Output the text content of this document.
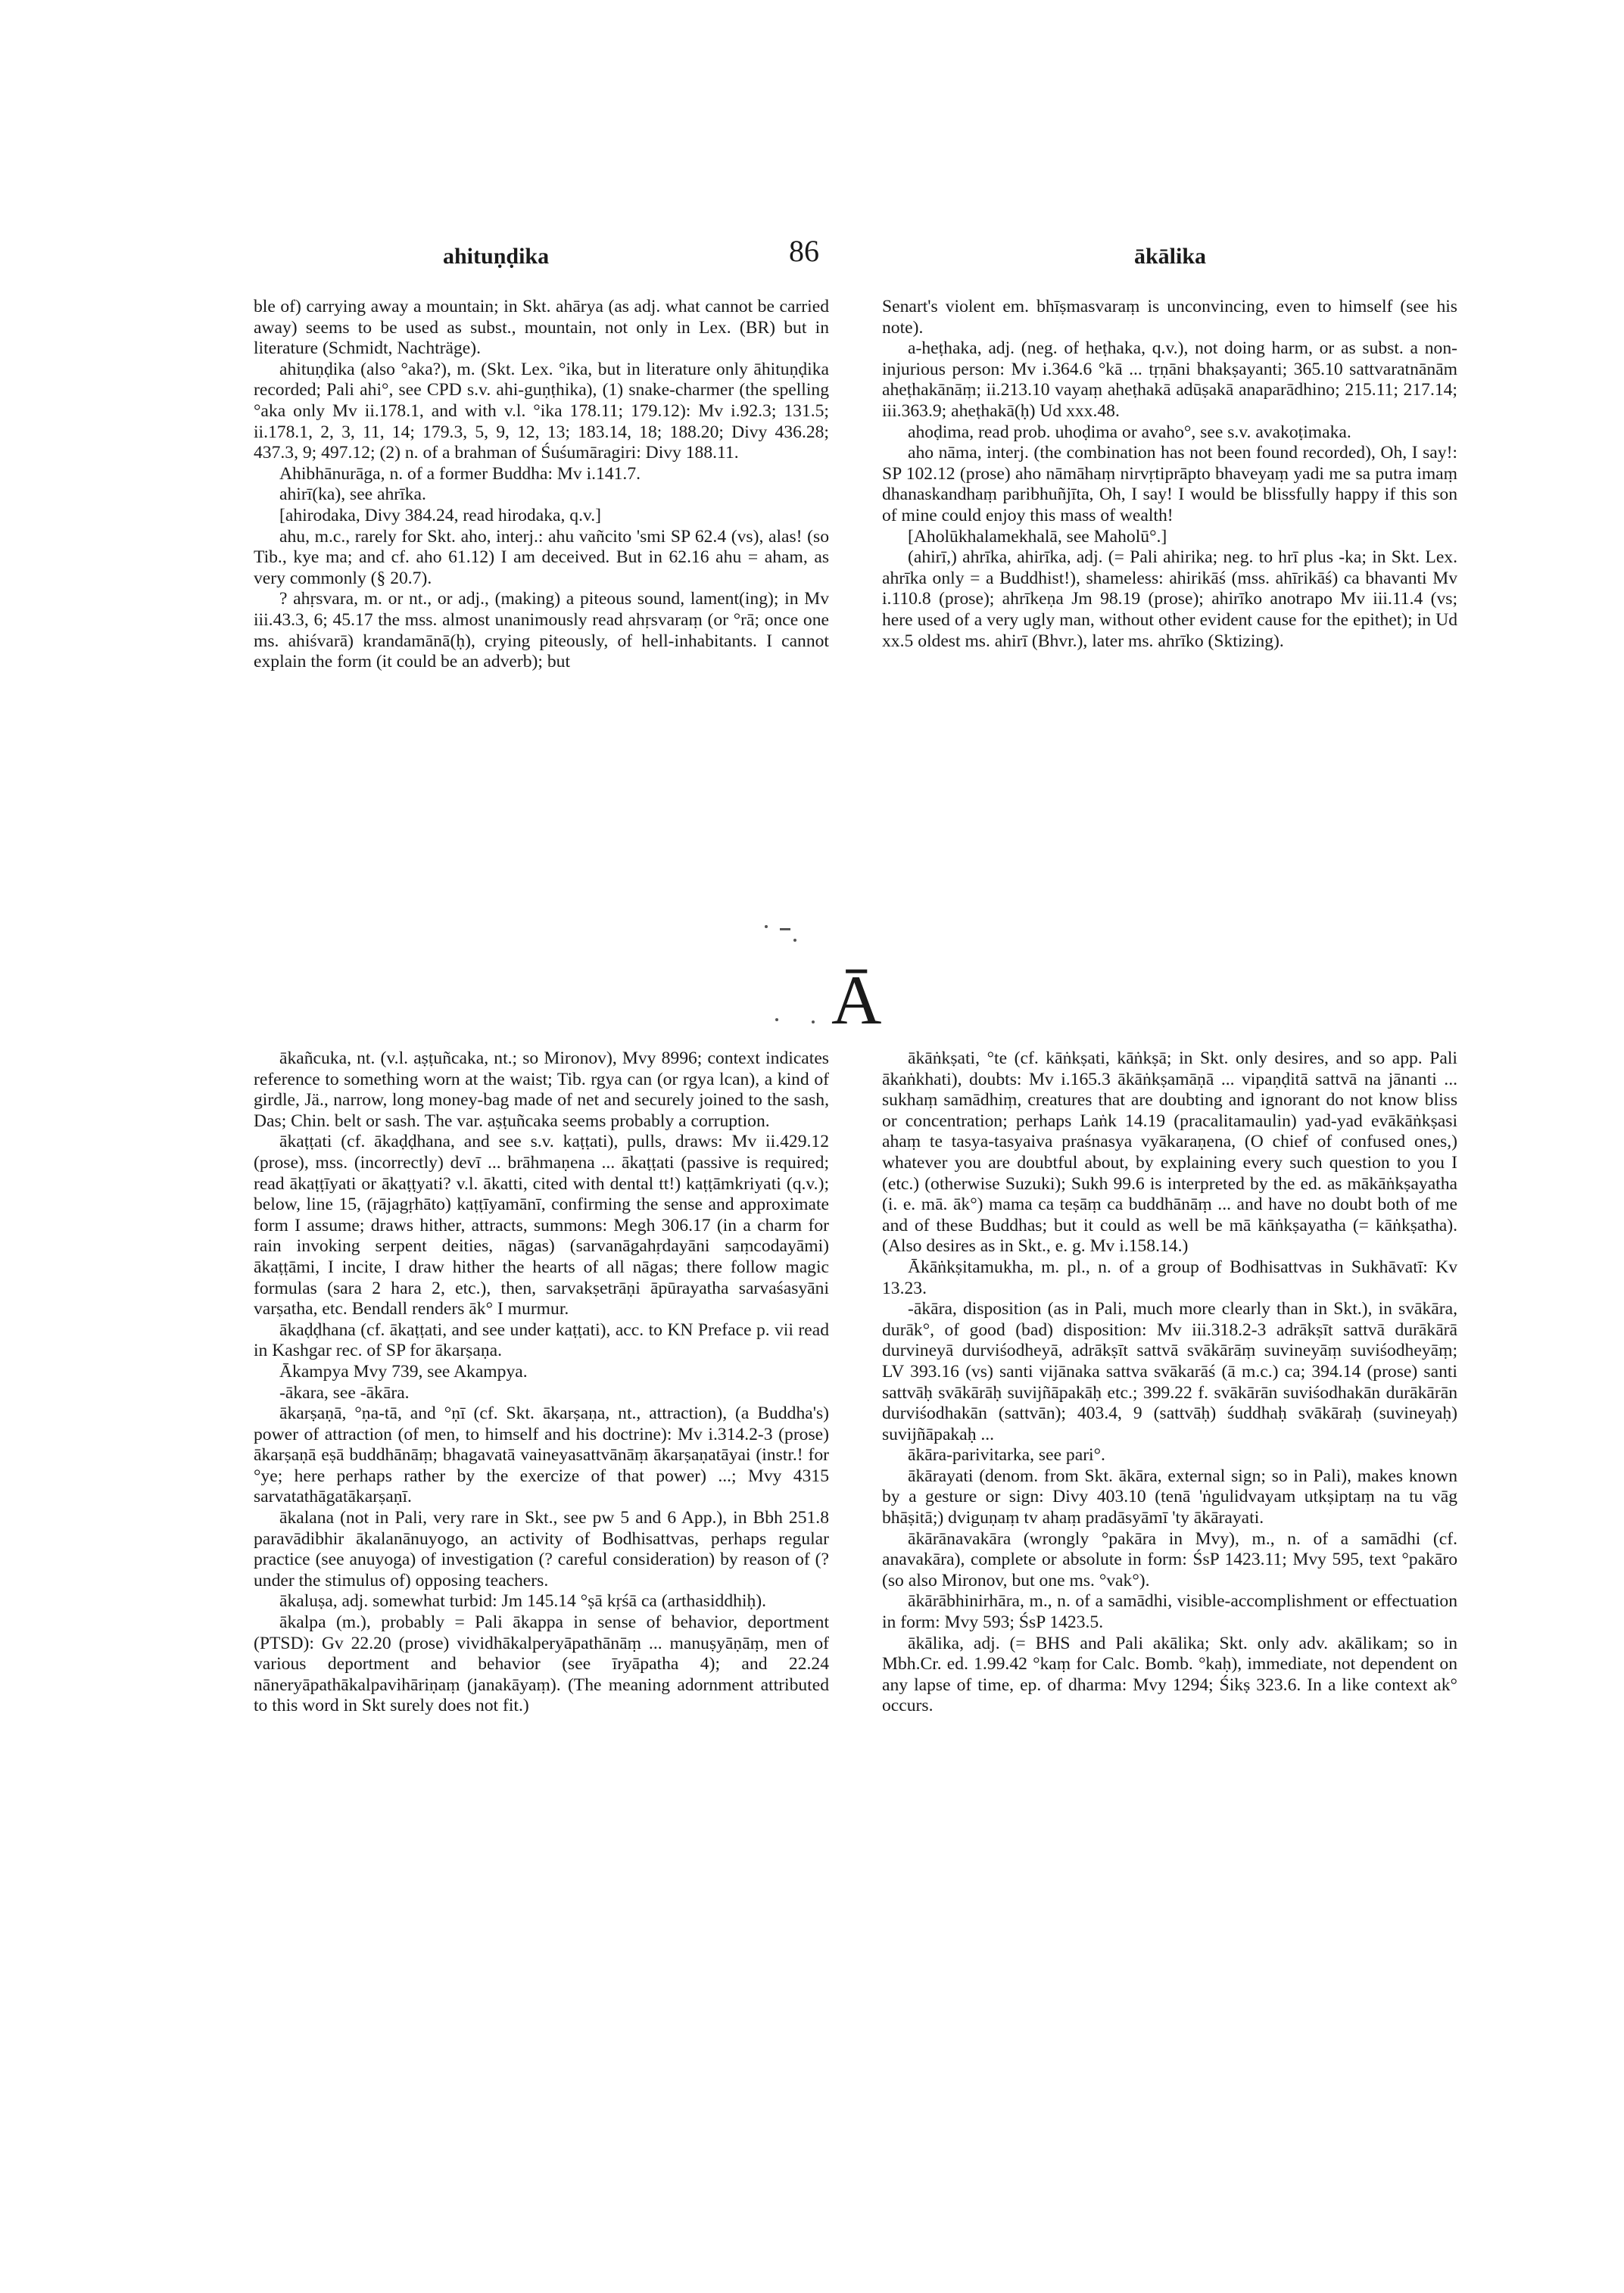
ahituṇḍika	86	ākālika

ble of) carrying away a mountain; in Skt. ahārya (as adj. what cannot be carried away) seems to be used as subst., mountain, not only in Lex. (BR) but in literature (Schmidt, Nachträge).

ahituṇḍika (also °aka?), m. (Skt. Lex. °ika, but in literature only āhituṇḍika recorded; Pali ahi°, see CPD s.v. ahi-guṇṭhika), (1) snake-charmer (the spelling °aka only Mv ii.178.1, and with v.l. °ika 178.11; 179.12): Mv i.92.3; 131.5; ii.178.1, 2, 3, 11, 14; 179.3, 5, 9, 12, 13; 183.14, 18; 188.20; Divy 436.28; 437.3, 9; 497.12; (2) n. of a brahman of Śuśumāragiri: Divy 188.11.

Ahibhānurāga, n. of a former Buddha: Mv i.141.7.

ahirī(ka), see ahrīka.

[ahirodaka, Divy 384.24, read hirodaka, q.v.]

ahu, m.c., rarely for Skt. aho, interj.: ahu vañcito 'smi SP 62.4 (vs), alas! (so Tib., kye ma; and cf. aho 61.12) I am deceived. But in 62.16 ahu = aham, as very commonly (§ 20.7).

? ahṛsvara, m. or nt., or adj., (making) a piteous sound, lament(ing); in Mv iii.43.3, 6; 45.17 the mss. almost unanimously read ahṛsvaraṃ (or °rā; once one ms. ahiśvarā) krandamānā(ḥ), crying piteously, of hell-inhabitants. I cannot explain the form (it could be an adverb); but

Senart's violent em. bhīṣmasvaraṃ is unconvincing, even to himself (see his note).

a-heṭhaka, adj. (neg. of heṭhaka, q.v.), not doing harm, or as subst. a non-injurious person: Mv i.364.6 °kā ... tṛṇāni bhakṣayanti; 365.10 sattvaratnānām aheṭhakānāṃ; ii.213.10 vayaṃ aheṭhakā adūṣakā anaparādhino; 215.11; 217.14; iii.363.9; aheṭhakā(ḥ) Ud xxx.48.

ahoḍima, read prob. uhoḍima or avaho°, see s.v. avakoṭimaka.

aho nāma, interj. (the combination has not been found recorded), Oh, I say!: SP 102.12 (prose) aho nāmāhaṃ nirvṛtiprāpto bhaveyaṃ yadi me sa putra imaṃ dhanaskandhaṃ paribhuñjīta, Oh, I say! I would be blissfully happy if this son of mine could enjoy this mass of wealth!

[Aholūkhalamekhalā, see Maholū°.]

(ahirī,) ahrīka, ahirīka, adj. (= Pali ahirika; neg. to hrī plus -ka; in Skt. Lex. ahrīka only = a Buddhist!), shameless: ahirikāś (mss. ahīrikāś) ca bhavanti Mv i.110.8 (prose); ahrīkeṇa Jm 98.19 (prose); ahirīko anotrapo Mv iii.11.4 (vs; here used of a very ugly man, without other evident cause for the epithet); in Ud xx.5 oldest ms. ahirī (Bhvr.), later ms. ahrīko (Sktizing).

Ā

ākañcuka, nt. (v.l. aṣṭuñcaka, nt.; so Mironov), Mvy 8996; context indicates reference to something worn at the waist; Tib. rgya can (or rgya lcan), a kind of girdle, Jä., narrow, long money-bag made of net and securely joined to the sash, Das; Chin. belt or sash. The var. aṣṭuñcaka seems probably a corruption.

ākaṭṭati (cf. ākaḍḍhana, and see s.v. kaṭṭati), pulls, draws: Mv ii.429.12 (prose), mss. (incorrectly) devī ... brāhmaṇena ... ākaṭṭati (passive is required; read ākaṭṭīyati or ākaṭṭyati? v.l. ākatti, cited with dental tt!) kaṭṭāmkriyati (q.v.); below, line 15, (rājagṛhāto) kaṭṭīyamānī, confirming the sense and approximate form I assume; draws hither, attracts, summons: Megh 306.17 (in a charm for rain invoking serpent deities, nāgas) (sarvanāgahṛdayāni saṃcodayāmi) ākaṭṭāmi, I incite, I draw hither the hearts of all nāgas; there follow magic formulas (sara 2 hara 2, etc.), then, sarvakṣetrāṇi āpūrayatha sarvaśasyāni varṣatha, etc. Bendall renders āk° I murmur.

ākaḍḍhana (cf. ākaṭṭati, and see under kaṭṭati), acc. to KN Preface p. vii read in Kashgar rec. of SP for ākarṣaṇa.

Ākampya Mvy 739, see Akampya.

-ākara, see -ākāra.

ākarṣaṇā, °ṇa-tā, and °ṇī (cf. Skt. ākarṣaṇa, nt., attraction), (a Buddha's) power of attraction (of men, to himself and his doctrine): Mv i.314.2-3 (prose) ākarṣaṇā eṣā buddhānāṃ; bhagavatā vaineyasattvānāṃ ākarṣaṇatāyai (instr.! for °ye; here perhaps rather by the exercize of that power) ...; Mvy 4315 sarvatathāgatākarṣaṇī.

ākalana (not in Pali, very rare in Skt., see pw 5 and 6 App.), in Bbh 251.8 paravādibhir ākalanānuyogo, an activity of Bodhisattvas, perhaps regular practice (see anuyoga) of investigation (? careful consideration) by reason of (? under the stimulus of) opposing teachers.

ākaluṣa, adj. somewhat turbid: Jm 145.14 °ṣā kṛśā ca (arthasiddhiḥ).

ākalpa (m.), probably = Pali ākappa in sense of behavior, deportment (PTSD): Gv 22.20 (prose) vividhākalperyāpathānāṃ ... manuṣyāṇāṃ, men of various deportment and behavior (see īryāpatha 4); and 22.24 nāneryāpathākalpavihāriṇaṃ (janakāyaṃ). (The meaning adornment attributed to this word in Skt surely does not fit.)

ākāṅkṣati, °te (cf. kāṅkṣati, kāṅkṣā; in Skt. only desires, and so app. Pali ākaṅkhati), doubts: Mv i.165.3 ākāṅkṣamāṇā ... vipaṇḍitā sattvā na jānanti ... sukhaṃ samādhiṃ, creatures that are doubting and ignorant do not know bliss or concentration; perhaps Laṅk 14.19 (pracalitamaulin) yad-yad evākāṅkṣasi ahaṃ te tasya-tasyaiva praśnasya vyākaraṇena, (O chief of confused ones,) whatever you are doubtful about, by explaining every such question to you I (etc.) (otherwise Suzuki); Sukh 99.6 is interpreted by the ed. as mākāṅkṣayatha (i. e. mā. āk°) mama ca teṣāṃ ca buddhānāṃ ... and have no doubt both of me and of these Buddhas; but it could as well be mā kāṅkṣayatha (= kāṅkṣatha). (Also desires as in Skt., e. g. Mv i.158.14.)

Ākāṅkṣitamukha, m. pl., n. of a group of Bodhisattvas in Sukhāvatī: Kv 13.23.

-ākāra, disposition (as in Pali, much more clearly than in Skt.), in svākāra, durāk°, of good (bad) disposition: Mv iii.318.2-3 adrākṣīt sattvā durākārā durvineyā durviśodheyā, adrākṣīt sattvā svākārāṃ suvineyāṃ suviśodheyāṃ; LV 393.16 (vs) santi vijānaka sattva svākarāś (ā m.c.) ca; 394.14 (prose) santi sattvāḥ svākārāḥ suvijñāpakāḥ etc.; 399.22 f. svākārān suviśodhakān durākārān durviśodhakān (sattvān); 403.4, 9 (sattvāḥ) śuddhaḥ svākāraḥ (suvineyaḥ) suvijñāpakaḥ ...

ākāra-parivitarka, see pari°.

ākārayati (denom. from Skt. ākāra, external sign; so in Pali), makes known by a gesture or sign: Divy 403.10 (tenā 'ṅgulidvayam utkṣiptaṃ na tu vāg bhāṣitā;) dviguṇaṃ tv ahaṃ pradāsyāmī 'ty ākārayati.

ākārānavakāra (wrongly °pakāra in Mvy), m., n. of a samādhi (cf. anavakāra), complete or absolute in form: ŚsP 1423.11; Mvy 595, text °pakāro (so also Mironov, but one ms. °vak°).

ākārābhinirhāra, m., n. of a samādhi, visible-accomplishment or effectuation in form: Mvy 593; ŚsP 1423.5.

ākālika, adj. (= BHS and Pali akālika; Skt. only adv. akālikam; so in Mbh.Cr. ed. 1.99.42 °kaṃ for Calc. Bomb. °kaḥ), immediate, not dependent on any lapse of time, ep. of dharma: Mvy 1294; Śikṣ 323.6. In a like context ak° occurs.
